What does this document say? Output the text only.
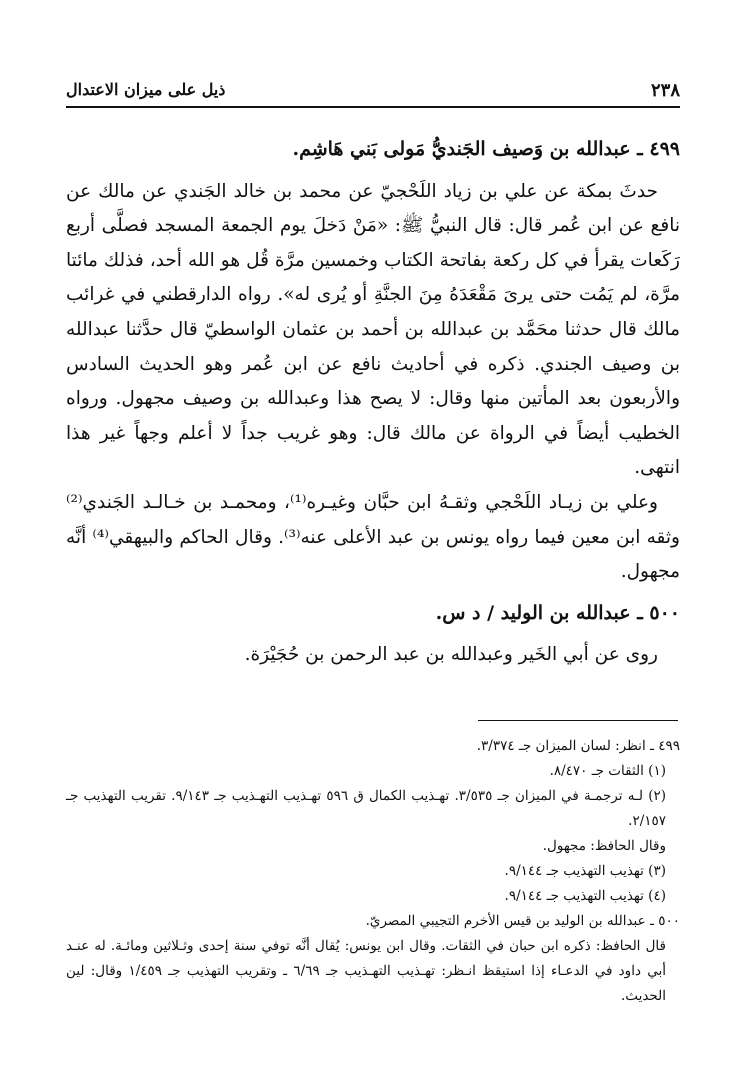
٢٣٨
ذيل على ميزان الاعتدال
٤٩٩ ـ عبدالله بن وَصيف الجَنديُّ مَولى بَني هَاشِم.

حدثَ بمكة عن علي بن زياد اللَحْجيّ عن محمد بن خالد الجَندي عن مالك عن نافع عن ابن عُمر قال: قال النبيُّ ﷺ: «مَنْ دَخلَ يوم الجمعة المسجد فصلَّى أربع رَكَعات يقرأ في كل ركعة بفاتحة الكتاب وخمسين مرَّة قُل هو الله أحد، فذلك مائتا مرَّة، لم يَمُت حتى يرىَ مَقْعَدَهُ مِنَ الجنَّةِ أو يُرى له». رواه الدارقطني في غرائب مالك قال حدثنا محَمَّد بن عبدالله بن أحمد بن عثمان الواسطيّ قال حدَّثنا عبدالله بن وصيف الجندي. ذكره في أحاديث نافع عن ابن عُمر وهو الحديث السادس والأربعون بعد المأتين منها وقال: لا يصح هذا وعبدالله بن وصيف مجهول. ورواه الخطيب أيضاً في الرواة عن مالك قال: وهو غريب جداً لا أعلم وجهاً غير هذا انتهى.

وعلي بن زيـاد اللَحْجي وثقـهُ ابن حبَّان وغيـره⁽¹⁾، ومحمـد بن خـالـد الجَندي⁽²⁾ وثقه ابن معين فيما رواه يونس بن عبد الأعلى عنه⁽³⁾. وقال الحاكم والبيهقي⁽⁴⁾ أنَّه مجهول.

٥٠٠ ـ عبدالله بن الوليد / د س.

روى عن أبي الخَير وعبدالله بن عبد الرحمن بن حُجَيْرَة.

٤٩٩ ـ انظر: لسان الميزان جـ ٣/٣٧٤.

(١) الثقات جـ ٨/٤٧٠.

(٢) لـه ترجمـة في الميزان جـ ٣/٥٣٥. تهـذيب الكمال ق ٥٩٦ تهـذيب التهـذيب جـ ٩/١٤٣. تقريب التهذيب جـ ٢/١٥٧.

وقال الحافظ: مجهول.

(٣) تهذيب التهذيب جـ ٩/١٤٤.

(٤) تهذيب التهذيب جـ ٩/١٤٤.

٥٠٠ ـ عبدالله بن الوليد بن قيس الأخرم التجيبي المصريّ.

قال الحافظ: ذكره ابن حبان في الثقات. وقال ابن يونس: يُقال أنَّه توفي سنة إحدى وثـلاثين ومائـة. له عنـد أبي داود في الدعـاء إذا استيقظ انـظر: تهـذيب التهـذيب جـ ٦/٦٩ ـ وتقريب التهذيب جـ ١/٤٥٩ وقال: لين الحديث.
